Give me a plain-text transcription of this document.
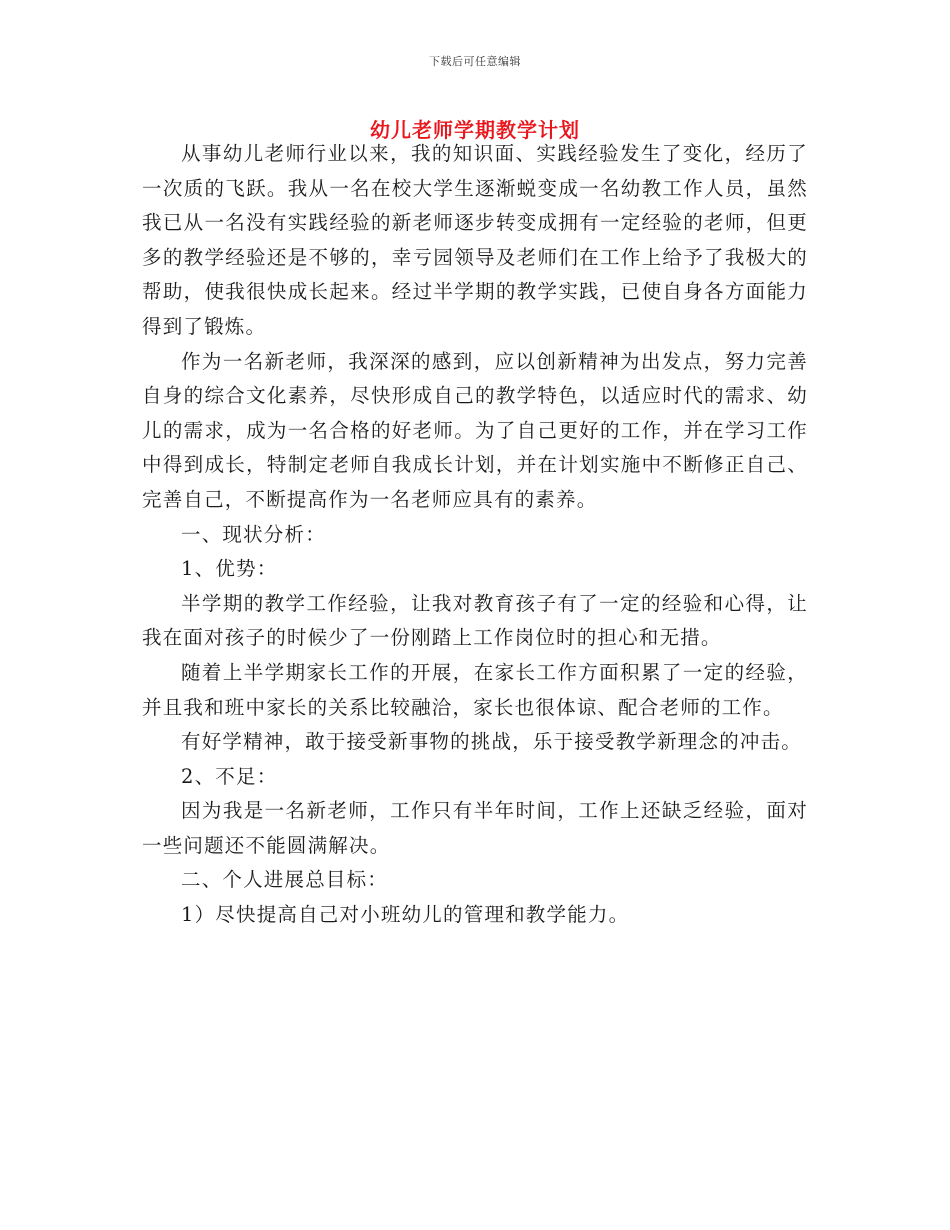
下载后可任意编辑
幼儿老师学期教学计划

从事幼儿老师行业以来，我的知识面、实践经验发生了变化，经历了一次质的飞跃。我从一名在校大学生逐渐蜕变成一名幼教工作人员，虽然我已从一名没有实践经验的新老师逐步转变成拥有一定经验的老师，但更多的教学经验还是不够的，幸亏园领导及老师们在工作上给予了我极大的帮助，使我很快成长起来。经过半学期的教学实践，已使自身各方面能力得到了锻炼。

作为一名新老师，我深深的感到，应以创新精神为出发点，努力完善自身的综合文化素养，尽快形成自己的教学特色，以适应时代的需求、幼儿的需求，成为一名合格的好老师。为了自己更好的工作，并在学习工作中得到成长，特制定老师自我成长计划，并在计划实施中不断修正自己、完善自己，不断提高作为一名老师应具有的素养。

一、现状分析：

1、优势：

半学期的教学工作经验，让我对教育孩子有了一定的经验和心得，让我在面对孩子的时候少了一份刚踏上工作岗位时的担心和无措。

随着上半学期家长工作的开展，在家长工作方面积累了一定的经验，并且我和班中家长的关系比较融洽，家长也很体谅、配合老师的工作。

有好学精神，敢于接受新事物的挑战，乐于接受教学新理念的冲击。

2、不足：

因为我是一名新老师，工作只有半年时间，工作上还缺乏经验，面对一些问题还不能圆满解决。

二、个人进展总目标：

1）尽快提高自己对小班幼儿的管理和教学能力。
